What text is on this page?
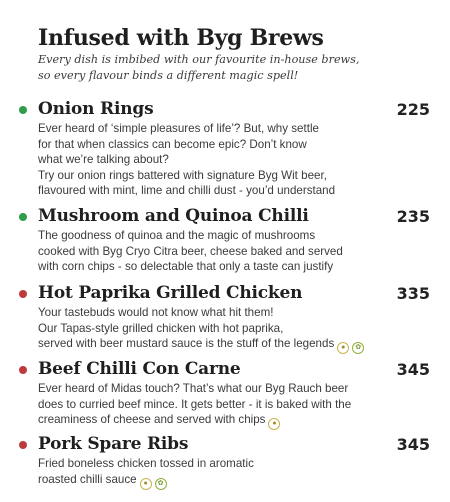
Infused with Byg Brews
Every dish is imbibed with our favourite in-house brews,
so every flavour binds a different magic spell!
Onion Rings	225
Ever heard of ‘simple pleasures of life’? But, why settle
for that when classics can become epic? Don’t know
what we’re talking about?
Try our onion rings battered with signature Byg Wit beer,
flavoured with mint, lime and chilli dust - you’d understand
Mushroom and Quinoa Chilli	235
The goodness of quinoa and the magic of mushrooms
cooked with Byg Cryo Citra beer, cheese baked and served
with corn chips - so delectable that only a taste can justify
Hot Paprika Grilled Chicken	335
Your tastebuds would not know what hit them!
Our Tapas-style grilled chicken with hot paprika,
served with beer mustard sauce is the stuff of the legends ● ✿
Beef Chilli Con Carne	345
Ever heard of Midas touch? That’s what our Byg Rauch beer
does to curried beef mince. It gets better - it is baked with the
creaminess of cheese and served with chips ●
Pork Spare Ribs	345
Fried boneless chicken tossed in aromatic
roasted chilli sauce ● ✿
